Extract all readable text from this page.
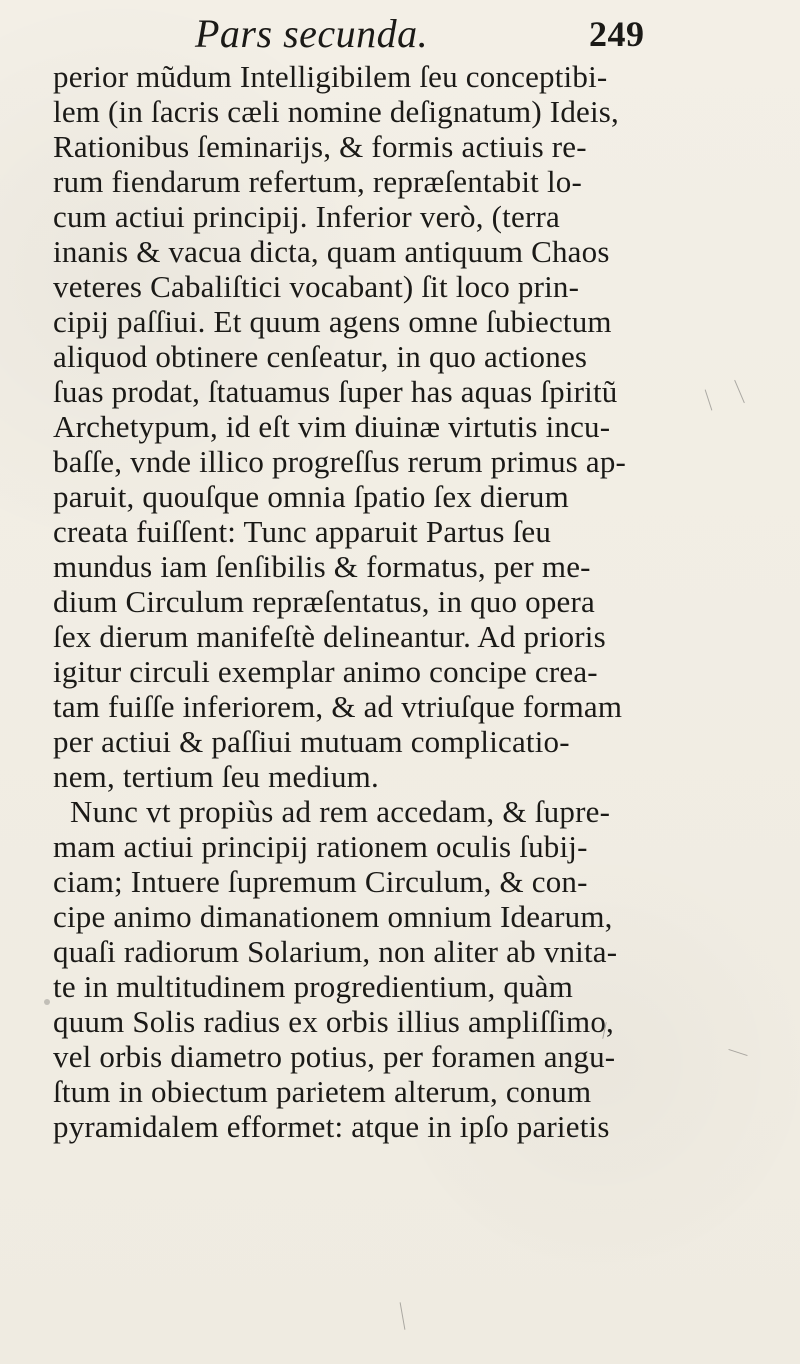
Pars secunda.	249
perior mũdum Intelligibilem ſeu conceptibi-
lem (in ſacris cæli nomine deſignatum) Ideis,
Rationibus ſeminarijs, & formis actiuis re-
rum fiendarum refertum, repræſentabit lo-
cum actiui principij. Inferior verò, (terra
inanis & vacua dicta, quam antiquum Chaos
veteres Cabaliſtici vocabant) ſit loco prin-
cipij paſſiui. Et quum agens omne ſubiectum
aliquod obtinere cenſeatur, in quo actiones
ſuas prodat, ſtatuamus ſuper has aquas ſpiritũ
Archetypum, id eſt vim diuinæ virtutis incu-
baſſe, vnde illico progreſſus rerum primus ap-
paruit, quouſque omnia ſpatio ſex dierum
creata fuiſſent: Tunc apparuit Partus ſeu
mundus iam ſenſibilis & formatus, per me-
dium Circulum repræſentatus, in quo opera
ſex dierum manifeſtè delineantur. Ad prioris
igitur circuli exemplar animo concipe crea-
tam fuiſſe inferiorem, & ad vtriuſque formam
per actiui & paſſiui mutuam complicatio-
nem, tertium ſeu medium.
Nunc vt propiùs ad rem accedam, & ſupre-
mam actiui principij rationem oculis ſubij-
ciam; Intuere ſupremum Circulum, & con-
cipe animo dimanationem omnium Idearum,
quaſi radiorum Solarium, non aliter ab vnita-
te in multitudinem progredientium, quàm
quum Solis radius ex orbis illius ampliſſimo,
vel orbis diametro potius, per foramen angu-
ſtum in obiectum parietem alterum, conum
pyramidalem efformet: atque in ipſo parietis
